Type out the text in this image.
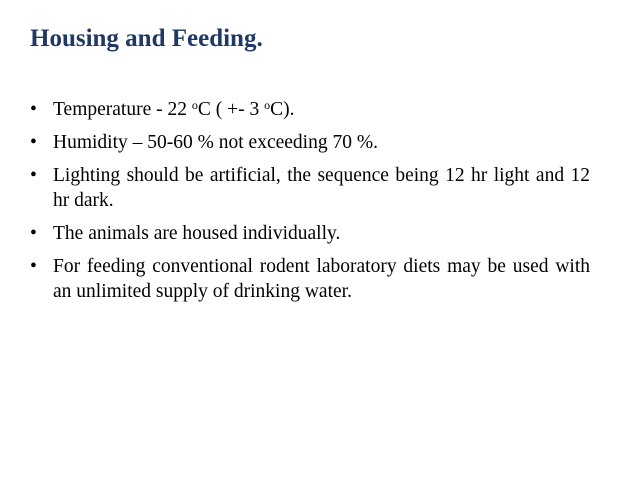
Housing and Feeding.
• Temperature - 22 $^o$C ( +- 3 $^o$C).
• Humidity – 50-60 % not exceeding 70 %.
• Lighting should be artificial, the sequence being 12 hr light and 12 hr dark.
• The animals are housed individually.
• For feeding conventional rodent laboratory diets may be used with an unlimited supply of drinking water.
